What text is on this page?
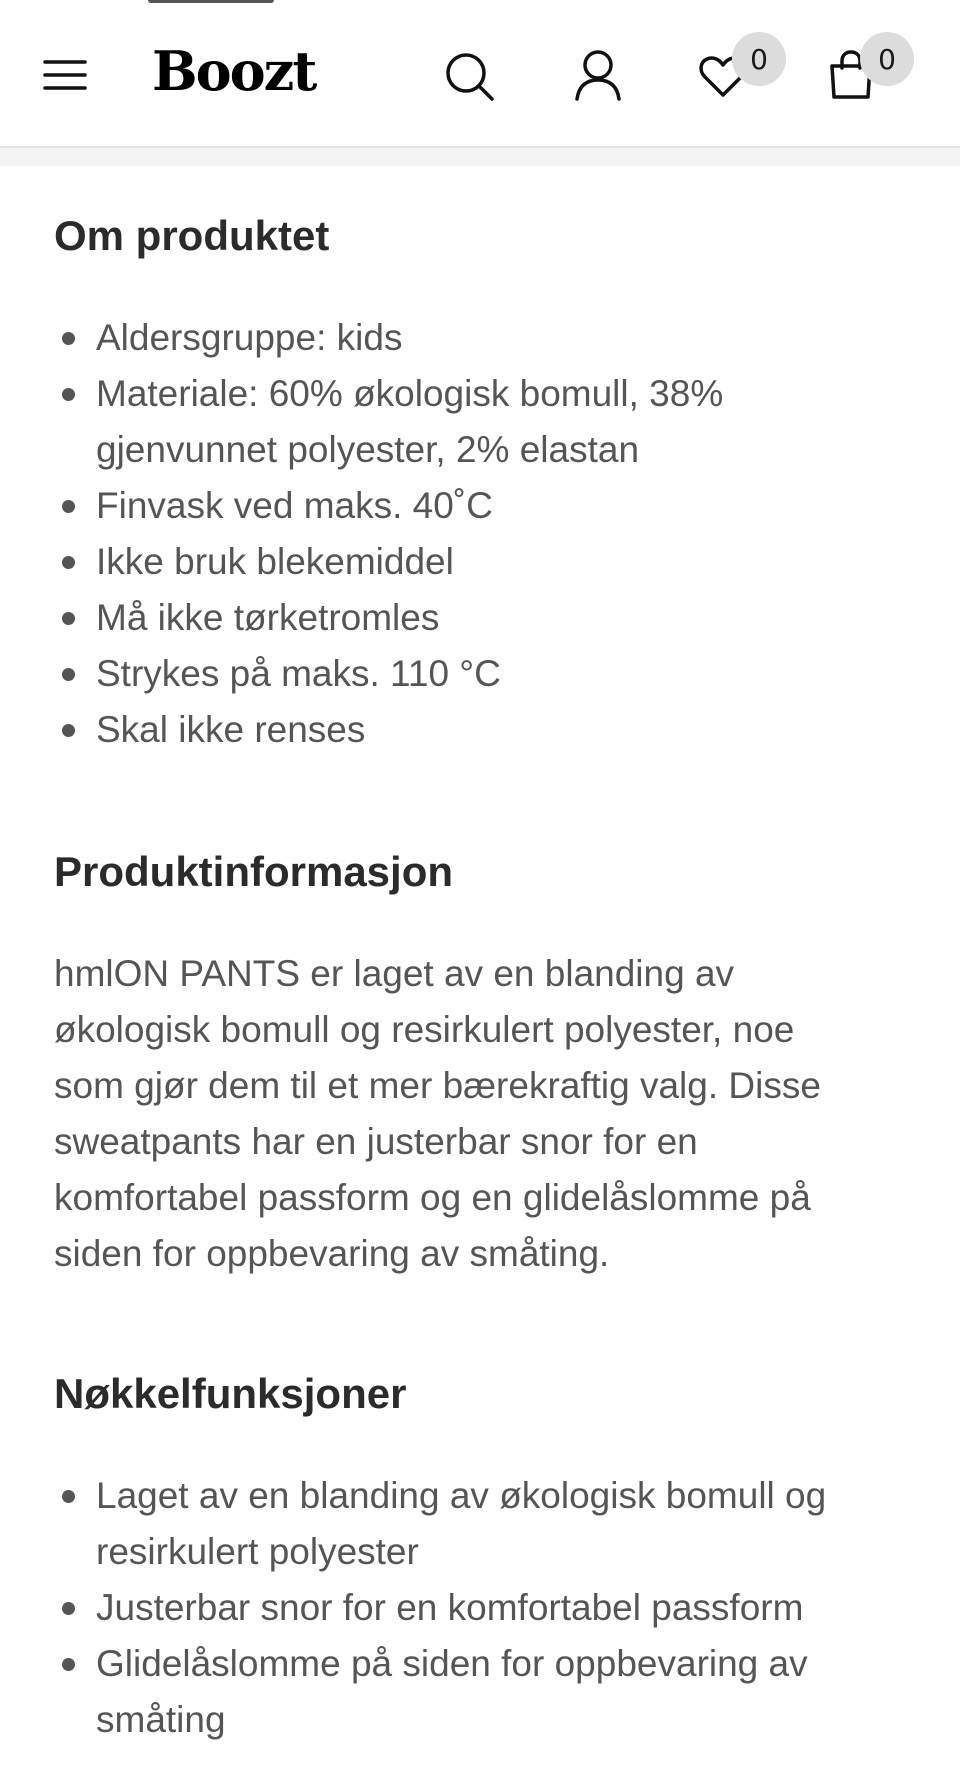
Boozt	0	0
Om produktet
Aldersgruppe: kids
Materiale: 60% økologisk bomull, 38% gjenvunnet polyester, 2% elastan
Finvask ved maks. 40˚C
Ikke bruk blekemiddel
Må ikke tørketromles
Strykes på maks. 110 °C
Skal ikke renses
Produktinformasjon

hmlON PANTS er laget av en blanding av økologisk bomull og resirkulert polyester, noe som gjør dem til et mer bærekraftig valg. Disse sweatpants har en justerbar snor for en komfortabel passform og en glidelåslomme på siden for oppbevaring av småting.

Nøkkelfunksjoner
Laget av en blanding av økologisk bomull og resirkulert polyester
Justerbar snor for en komfortabel passform
Glidelåslomme på siden for oppbevaring av småting
